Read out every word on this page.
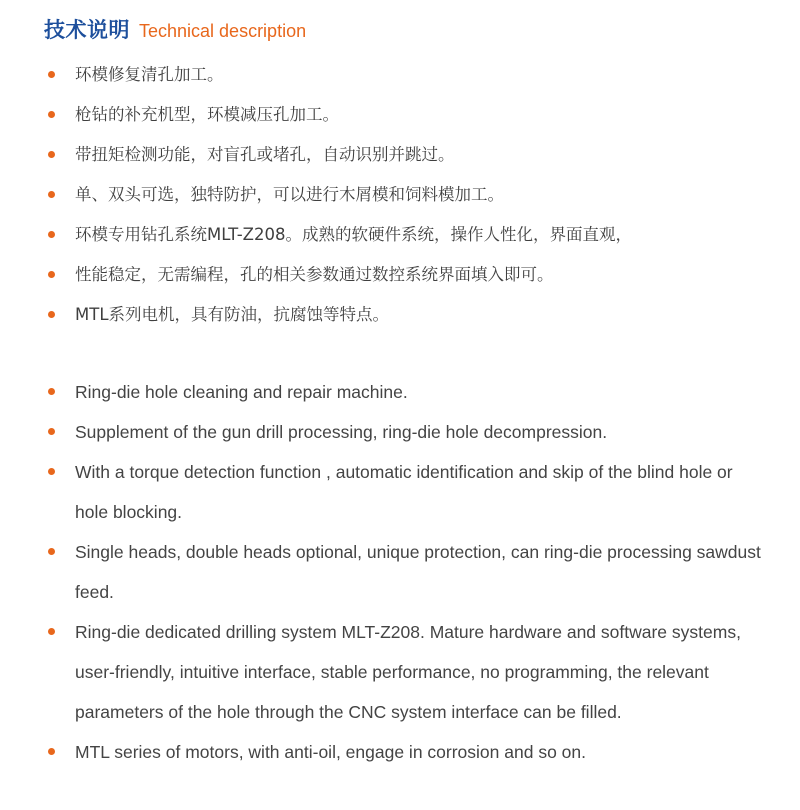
技术说明 Technical description
环模修复清孔加工。
枪钻的补充机型，环模减压孔加工。
带扭矩检测功能，对盲孔或堵孔，自动识别并跳过。
单、双头可选，独特防护，可以进行木屑模和饲料模加工。
环模专用钻孔系统MLT-Z208。成熟的软硬件系统，操作人性化，界面直观，
性能稳定，无需编程，孔的相关参数通过数控系统界面填入即可。
MTL系列电机，具有防油，抗腐蚀等特点。
Ring-die hole cleaning and repair machine.
Supplement of the gun drill processing, ring-die hole decompression.
With a torque detection function , automatic identification and skip of the blind hole or hole blocking.
Single heads, double heads optional, unique protection, can ring-die processing sawdust feed.
Ring-die dedicated drilling system MLT-Z208. Mature hardware and software systems, user-friendly, intuitive interface, stable performance, no programming, the relevant parameters of the hole through the CNC system interface can be filled.
MTL series of motors, with anti-oil, engage in corrosion and so on.
